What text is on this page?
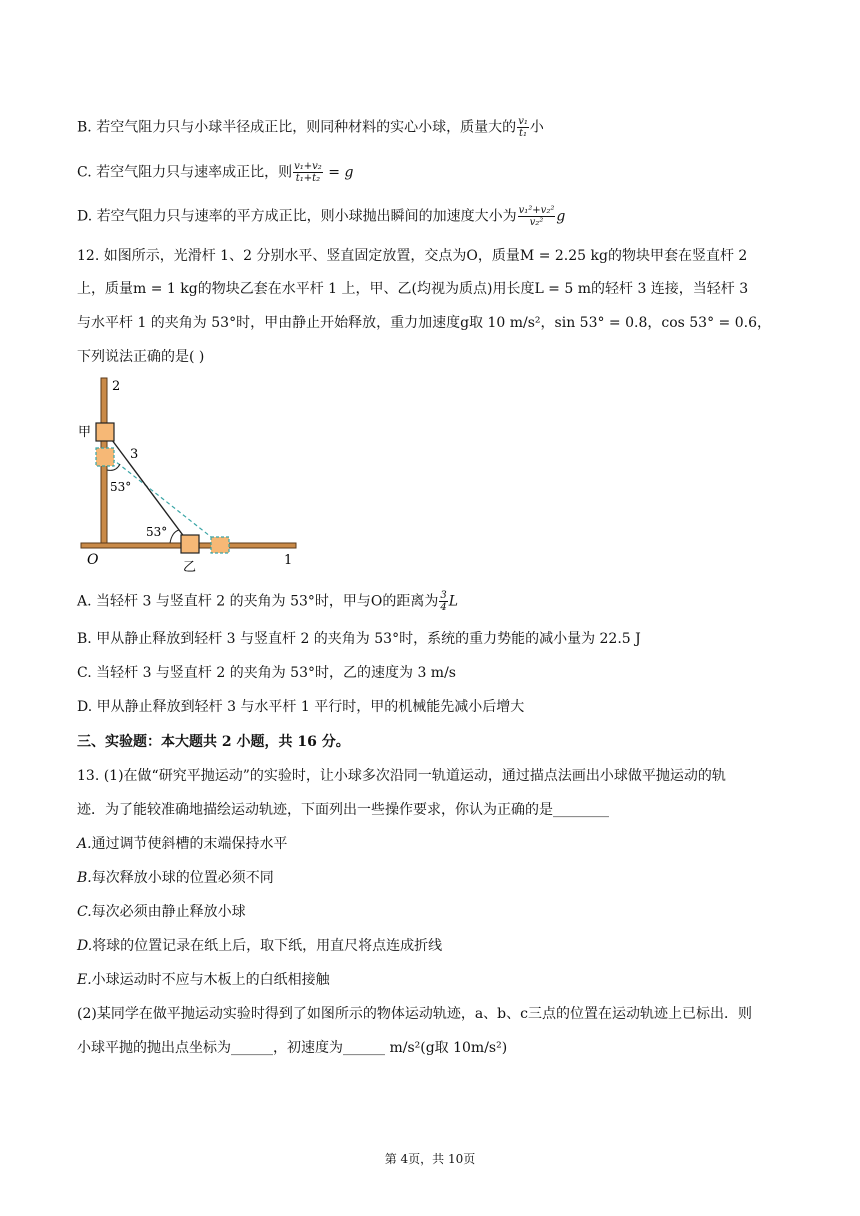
B. 若空气阻力只与小球半径成正比，则同种材料的实心小球，质量大的 $\frac{\text{v₁}}{\text{t₁}}$ 小
C. 若空气阻力只与速率成正比，则 $\frac{\text{v₁+v₂}}{\text{t₁+t₂}} = g$
D. 若空气阻力只与速率的平方成正比，则小球抛出瞬间的加速度大小为 $\frac{\text{v₁²+v₂²}}{\text{v₂²}}$ g
12. 如图所示，光滑杆 1、2 分别水平、竖直固定放置，交点为O，质量M = 2.25 kg的物块甲套在竖直杆 2
上，质量m = 1 kg的物块乙套在水平杆 1 上，甲、乙(均视为质点)用长度L = 5 m的轻杆 3 连接，当轻杆 3
与水平杆 1 的夹角为 53°时，甲由静止开始释放，重力加速度g取 10 m/s²，sin 53° = 0.8，cos 53° = 0.6，
下列说法正确的是( )
2
甲
3
53°
53°
O	乙	1
A. 当轻杆 3 与竖直杆 2 的夹角为 53°时，甲与O的距离为 $\frac{3}{4}$ L
B. 甲从静止释放到轻杆 3 与竖直杆 2 的夹角为 53°时，系统的重力势能的减小量为 22.5 J
C. 当轻杆 3 与竖直杆 2 的夹角为 53°时，乙的速度为 3 m/s
D. 甲从静止释放到轻杆 3 与水平杆 1 平行时，甲的机械能先减小后增大
三、实验题：本大题共 2 小题，共 16 分。
13. (1)在做“研究平抛运动”的实验时，让小球多次沿同一轨道运动，通过描点法画出小球做平抛运动的轨
迹．为了能较准确地描绘运动轨迹，下面列出一些操作要求，你认为正确的是________
A.通过调节使斜槽的末端保持水平
B.每次释放小球的位置必须不同
C.每次必须由静止释放小球
D.将球的位置记录在纸上后，取下纸，用直尺将点连成折线
E.小球运动时不应与木板上的白纸相接触
(2)某同学在做平抛运动实验时得到了如图所示的物体运动轨迹，a、b、c三点的位置在运动轨迹上已标出．则
小球平抛的抛出点坐标为______，初速度为______ m/s²(g取 10m/s²)
第 4页，共 10页
